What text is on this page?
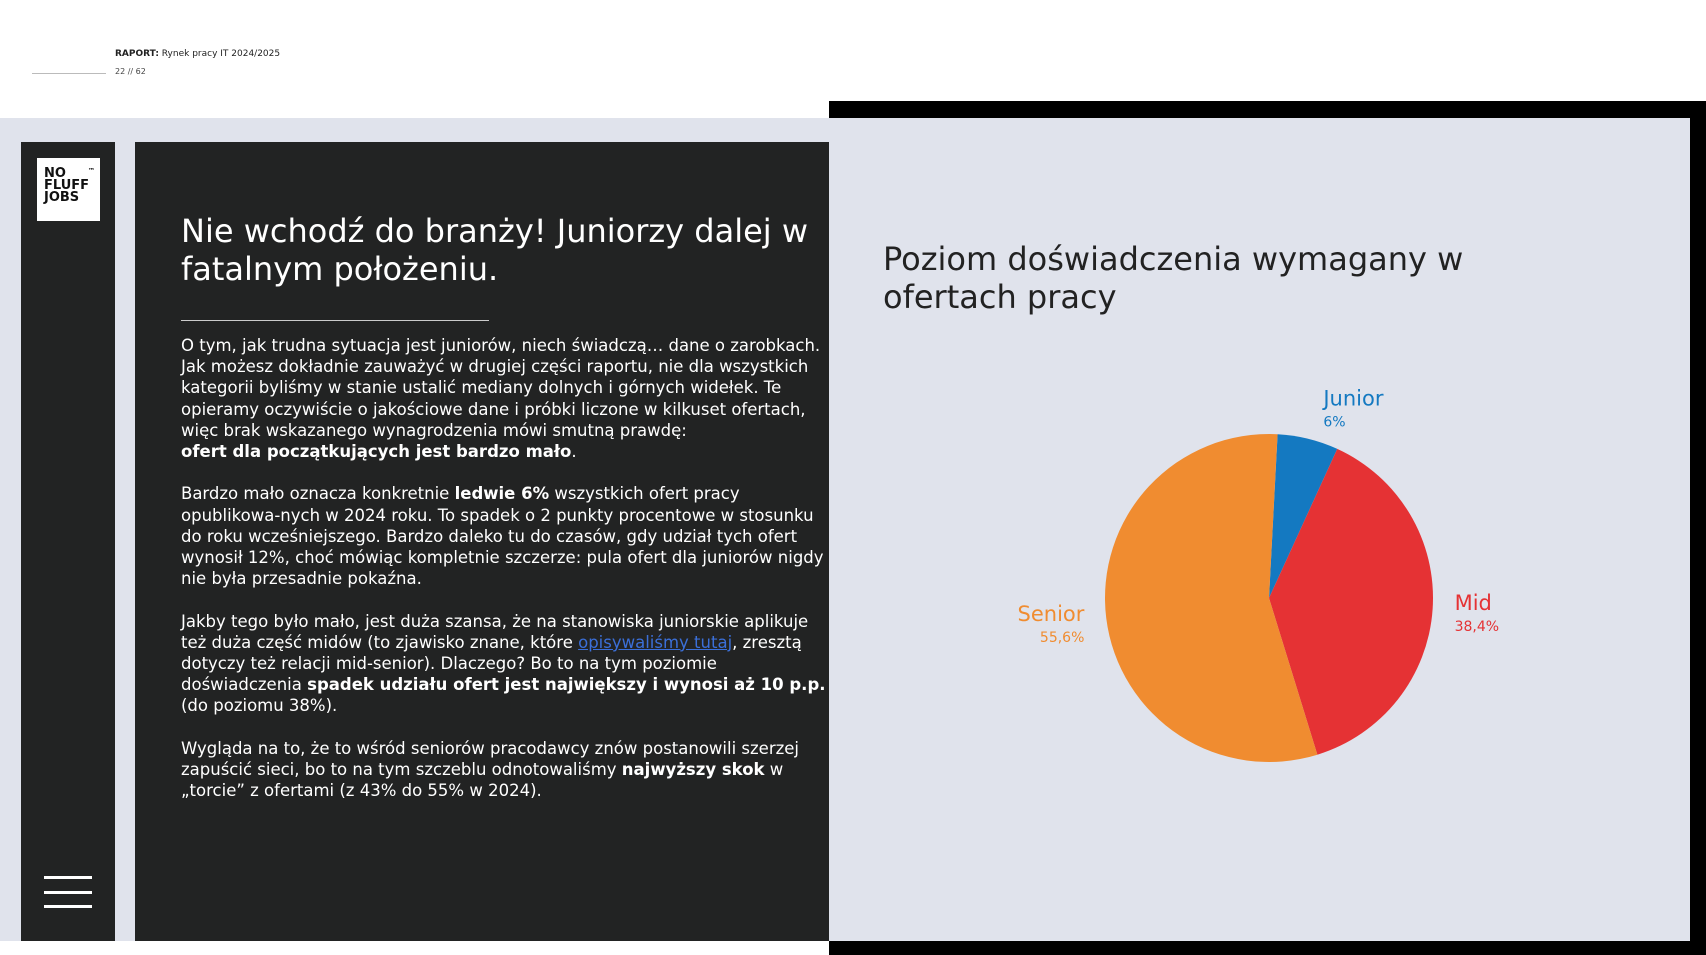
RAPORT: Rynek pracy IT 2024/2025
22 // 62
NO
FLUFF
JOBS
™
Nie wchodź do branży! Juniorzy dalej w fatalnym położeniu.

O tym, jak trudna sytuacja jest juniorów, niech świadczą… dane o zarobkach. Jak możesz dokładnie zauważyć w drugiej części raportu, nie dla wszystkich kategorii byliśmy w stanie ustalić mediany dolnych i górnych widełek. Te opieramy oczywiście o jakościowe dane i próbki liczone w kilkuset ofertach, więc brak wskazanego wynagrodzenia mówi smutną prawdę:
ofert dla początkujących jest bardzo mało.

Bardzo mało oznacza konkretnie ledwie 6% wszystkich ofert pracy opublikowa-nych w 2024 roku. To spadek o 2 punkty procentowe w stosunku do roku wcześniejszego. Bardzo daleko tu do czasów, gdy udział tych ofert wynosił 12%, choć mówiąc kompletnie szczerze: pula ofert dla juniorów nigdy nie była przesadnie pokaźna.

Jakby tego było mało, jest duża szansa, że na stanowiska juniorskie aplikuje też duża część midów (to zjawisko znane, które opisywaliśmy tutaj, zresztą dotyczy też relacji mid-senior). Dlaczego? Bo to na tym poziomie doświadczenia spadek udziału ofert jest największy i wynosi aż 10 p.p. (do poziomu 38%).

Wygląda na to, że to wśród seniorów pracodawcy znów postanowili szerzej zapuścić sieci, bo to na tym szczeblu odnotowaliśmy najwyższy skok w „torcie” z ofertami (z 43% do 55% w 2024).

Poziom doświadczenia wymagany w ofertach pracy
Junior
6%
Mid
38,4%
Senior
55,6%
